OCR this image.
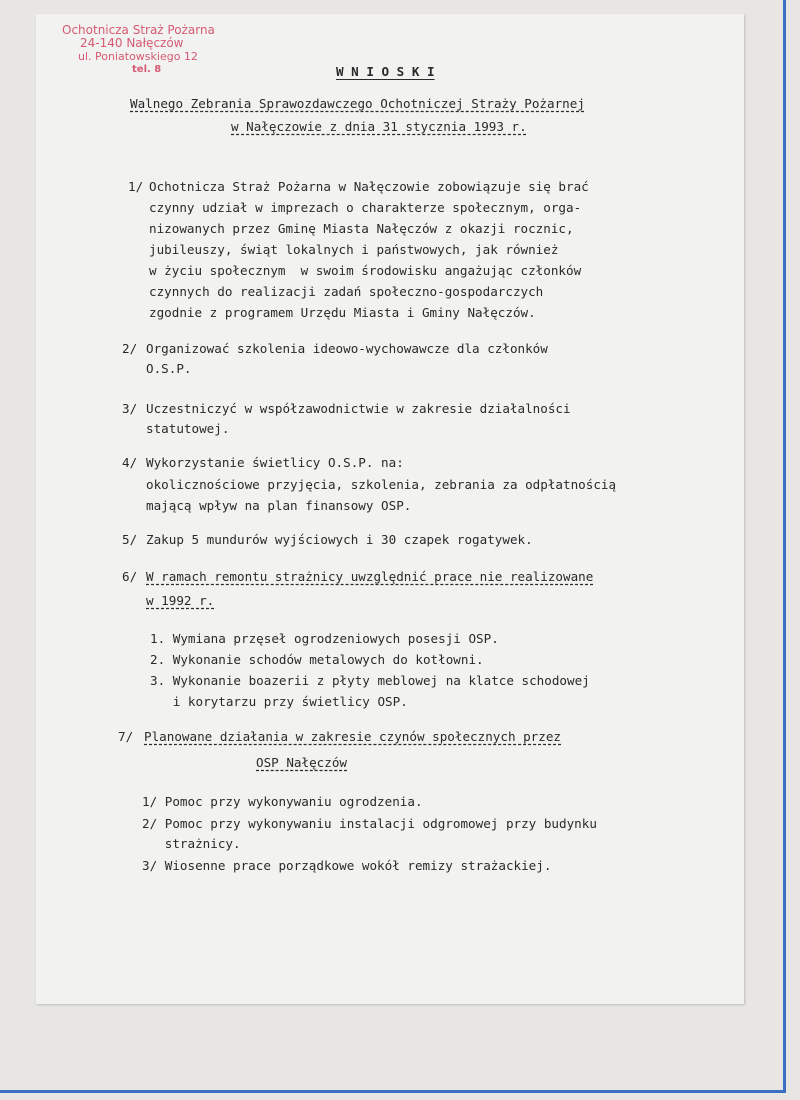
Ochotnicza Straż Pożarna
24-140 Nałęczów
ul. Poniatowskiego 12
tel. 8	W N I O S K I
Walnego Zebrania Sprawozdawczego Ochotniczej Straży Pożarnej
w Nałęczowie z dnia 31 stycznia 1993 r.
1/ Ochotnicza Straż Pożarna w Nałęczowie zobowiązuje się brać
czynny udział w imprezach o charakterze społecznym, orga-
nizowanych przez Gminę Miasta Nałęczów z okazji rocznic,
jubileuszy, świąt lokalnych i państwowych, jak również
w życiu społecznym  w swoim środowisku angażując członków
czynnych do realizacji zadań społeczno-gospodarczych
zgodnie z programem Urzędu Miasta i Gminy Nałęczów.
2/ Organizować szkolenia ideowo-wychowawcze dla członków
O.S.P.
3/ Uczestniczyć w współzawodnictwie w zakresie działalności
statutowej.
4/ Wykorzystanie świetlicy O.S.P. na:
okolicznościowe przyjęcia, szkolenia, zebrania za odpłatnością
mającą wpływ na plan finansowy OSP.
5/ Zakup 5 mundurów wyjściowych i 30 czapek rogatywek.
6/ W ramach remontu strażnicy uwzględnić prace nie realizowane
w 1992 r.
1. Wymiana przęseł ogrodzeniowych posesji OSP.
2. Wykonanie schodów metalowych do kotłowni.
3. Wykonanie boazerii z płyty meblowej na klatce schodowej
i korytarzu przy świetlicy OSP.
7/ Planowane działania w zakresie czynów społecznych przez
OSP Nałęczów
1/ Pomoc przy wykonywaniu ogrodzenia.
2/ Pomoc przy wykonywaniu instalacji odgromowej przy budynku
strażnicy.
3/ Wiosenne prace porządkowe wokół remizy strażackiej.
